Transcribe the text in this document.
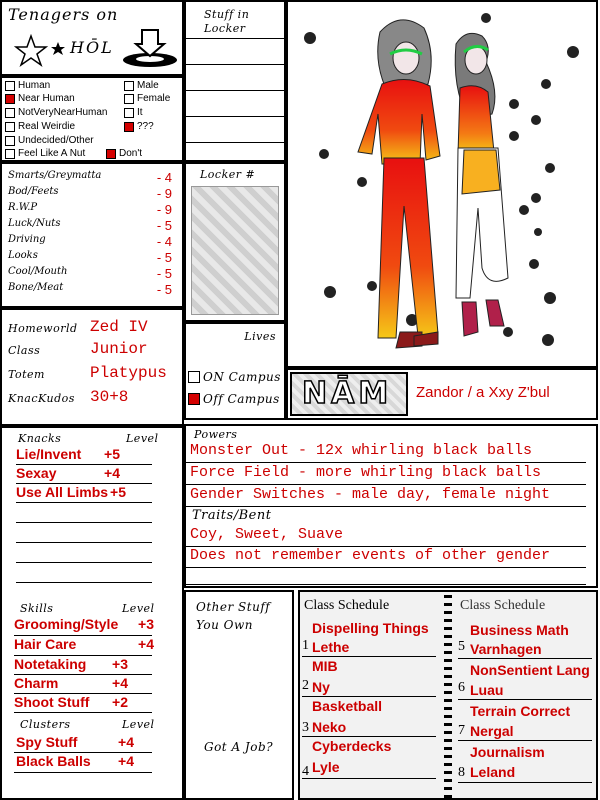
Tenagers on
HŌL
Human
Near Human
NotVeryNearHuman
Real Weirdie
Undecided/Other
Feel Like A Nut
Male
Female
It
???
Don't
Smarts/Greymatta	- 4
Bod/Feets	- 9
R.W.P	- 9
Luck/Nuts	- 5
Driving	- 4
Looks	- 5
Cool/Mouth	- 5
Bone/Meat	- 5
Homeworld Zed IV
Class	Junior
Totem	Platypus
KnacKudos 30+8
Stuff in Locker
Locker #
Lives
ON Campus
Off Campus NĀM Zandor / a Xxy Z'bul
Powers
Monster Out - 12x whirling black balls
Force Field - more whirling black balls
Gender Switches - male day, female night
Traits/Bent
Coy, Sweet, Suave
Does not remember events of other gender
Knacks	Level
Lie/Invent +5
Sexay	+4
Use All Limbs +5
Skills	Level
Grooming/Style +3
Hair Care	+4
Notetaking +3
Charm	+4
Shoot Stuff +2
Clusters	Level
Spy Stuff	+4
Black Balls +4
Other Stuff You Own
Got A Job?
Class Schedule	Class Schedule
Dispelling Things
1 Lethe
MIB
2 Ny
Basketball
3 Neko
Cyberdecks
4 Lyle
Business Math
5 Varnhagen
NonSentient Lang
6 Luau
Terrain Correct
7 Nergal
Journalism
8 Leland
